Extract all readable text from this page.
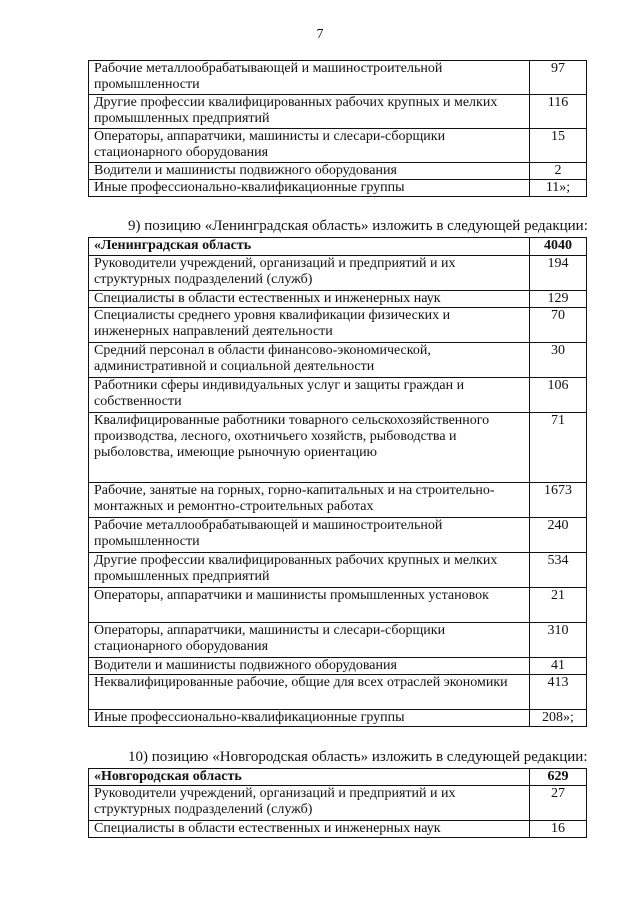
7
Рабочие металлообрабатывающей и машиностроительной промышленности	97
Другие профессии квалифицированных рабочих крупных и мелких промышленных предприятий	116
Операторы, аппаратчики, машинисты и слесари-сборщики стационарного оборудования	15
Водители и машинисты подвижного оборудования	2
Иные профессионально-квалификационные группы	11»;
9) позицию «Ленинградская область» изложить в следующей редакции:
«Ленинградская область	4040
Руководители учреждений, организаций и предприятий и их структурных подразделений (служб)	194
Специалисты в области естественных и инженерных наук	129
Специалисты среднего уровня квалификации физических и инженерных направлений деятельности	70
Средний персонал в области финансово-экономической, административной и социальной деятельности	30
Работники сферы индивидуальных услуг и защиты граждан и собственности	106
Квалифицированные работники товарного сельскохозяйственного производства, лесного, охотничьего хозяйств, рыбоводства и рыболовства, имеющие рыночную ориентацию	71
Рабочие, занятые на горных, горно-капитальных и на строительно-монтажных и ремонтно-строительных работах	1673
Рабочие металлообрабатывающей и машиностроительной промышленности	240
Другие профессии квалифицированных рабочих крупных и мелких промышленных предприятий	534
Операторы, аппаратчики и машинисты промышленных установок	21
Операторы, аппаратчики, машинисты и слесари-сборщики стационарного оборудования	310
Водители и машинисты подвижного оборудования	41
Неквалифицированные рабочие, общие для всех отраслей экономики	413
Иные профессионально-квалификационные группы	208»;
10) позицию «Новгородская область» изложить в следующей редакции:
«Новгородская область	629
Руководители учреждений, организаций и предприятий и их структурных подразделений (служб)	27
Специалисты в области естественных и инженерных наук	16
